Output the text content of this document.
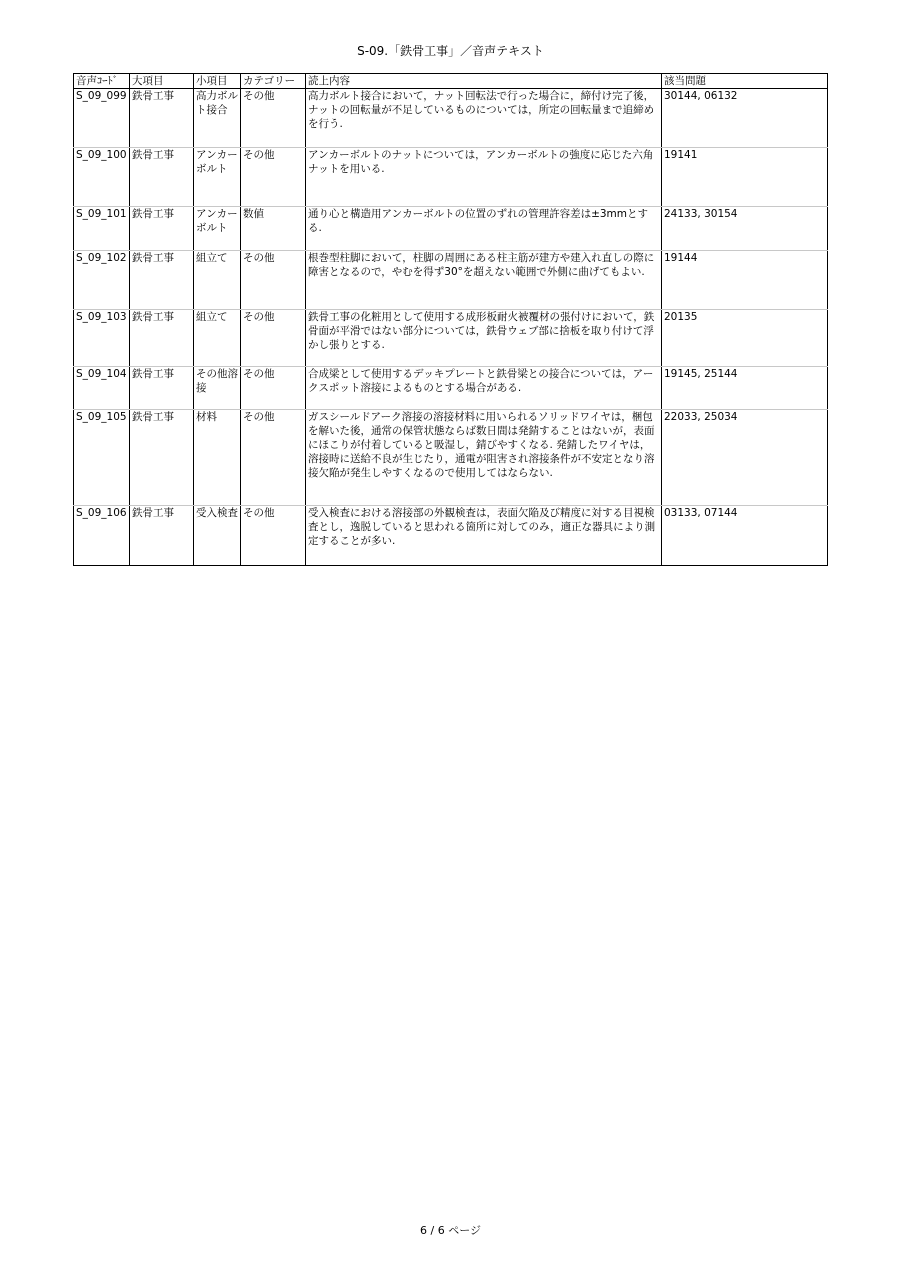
S-09.「鉄骨工事」／音声テキスト
音声ｺｰﾄﾞ	大項目	小項目	カテゴリー	読上内容	該当問題
S_09_099	鉄骨工事	高力ボルト接合	その他	高力ボルト接合において，ナット回転法で行った場合に，締付け完了後，ナットの回転量が不足しているものについては，所定の回転量まで追締めを行う.	30144, 06132
S_09_100	鉄骨工事	アンカーボルト	その他	アンカーボルトのナットについては，アンカーボルトの強度に応じた六角ナットを用いる.	19141
S_09_101	鉄骨工事	アンカーボルト	数値	通り心と構造用アンカーボルトの位置のずれの管理許容差は±3mmとする.	24133, 30154
S_09_102	鉄骨工事	組立て	その他	根巻型柱脚において，柱脚の周囲にある柱主筋が建方や建入れ直しの際に障害となるので，やむを得ず30°を超えない範囲で外側に曲げてもよい.	19144
S_09_103	鉄骨工事	組立て	その他	鉄骨工事の化粧用として使用する成形板耐火被覆材の張付けにおいて，鉄骨面が平滑ではない部分については，鉄骨ウェブ部に捨板を取り付けて浮かし張りとする.	20135
S_09_104	鉄骨工事	その他溶接	その他	合成梁として使用するデッキプレートと鉄骨梁との接合については，アークスポット溶接によるものとする場合がある.	19145, 25144
S_09_105	鉄骨工事	材料	その他	ガスシールドアーク溶接の溶接材料に用いられるソリッドワイヤは，梱包を解いた後，通常の保管状態ならば数日間は発錆することはないが，表面にほこりが付着していると吸湿し，錆びやすくなる. 発錆したワイヤは，溶接時に送給不良が生じたり，通電が阻害され溶接条件が不安定となり溶接欠陥が発生しやすくなるので使用してはならない.	22033, 25034
S_09_106	鉄骨工事	受入検査	その他	受入検査における溶接部の外観検査は，表面欠陥及び精度に対する目視検査とし，逸脱していると思われる箇所に対してのみ，適正な器具により測定することが多い.	03133, 07144
6 / 6 ページ
